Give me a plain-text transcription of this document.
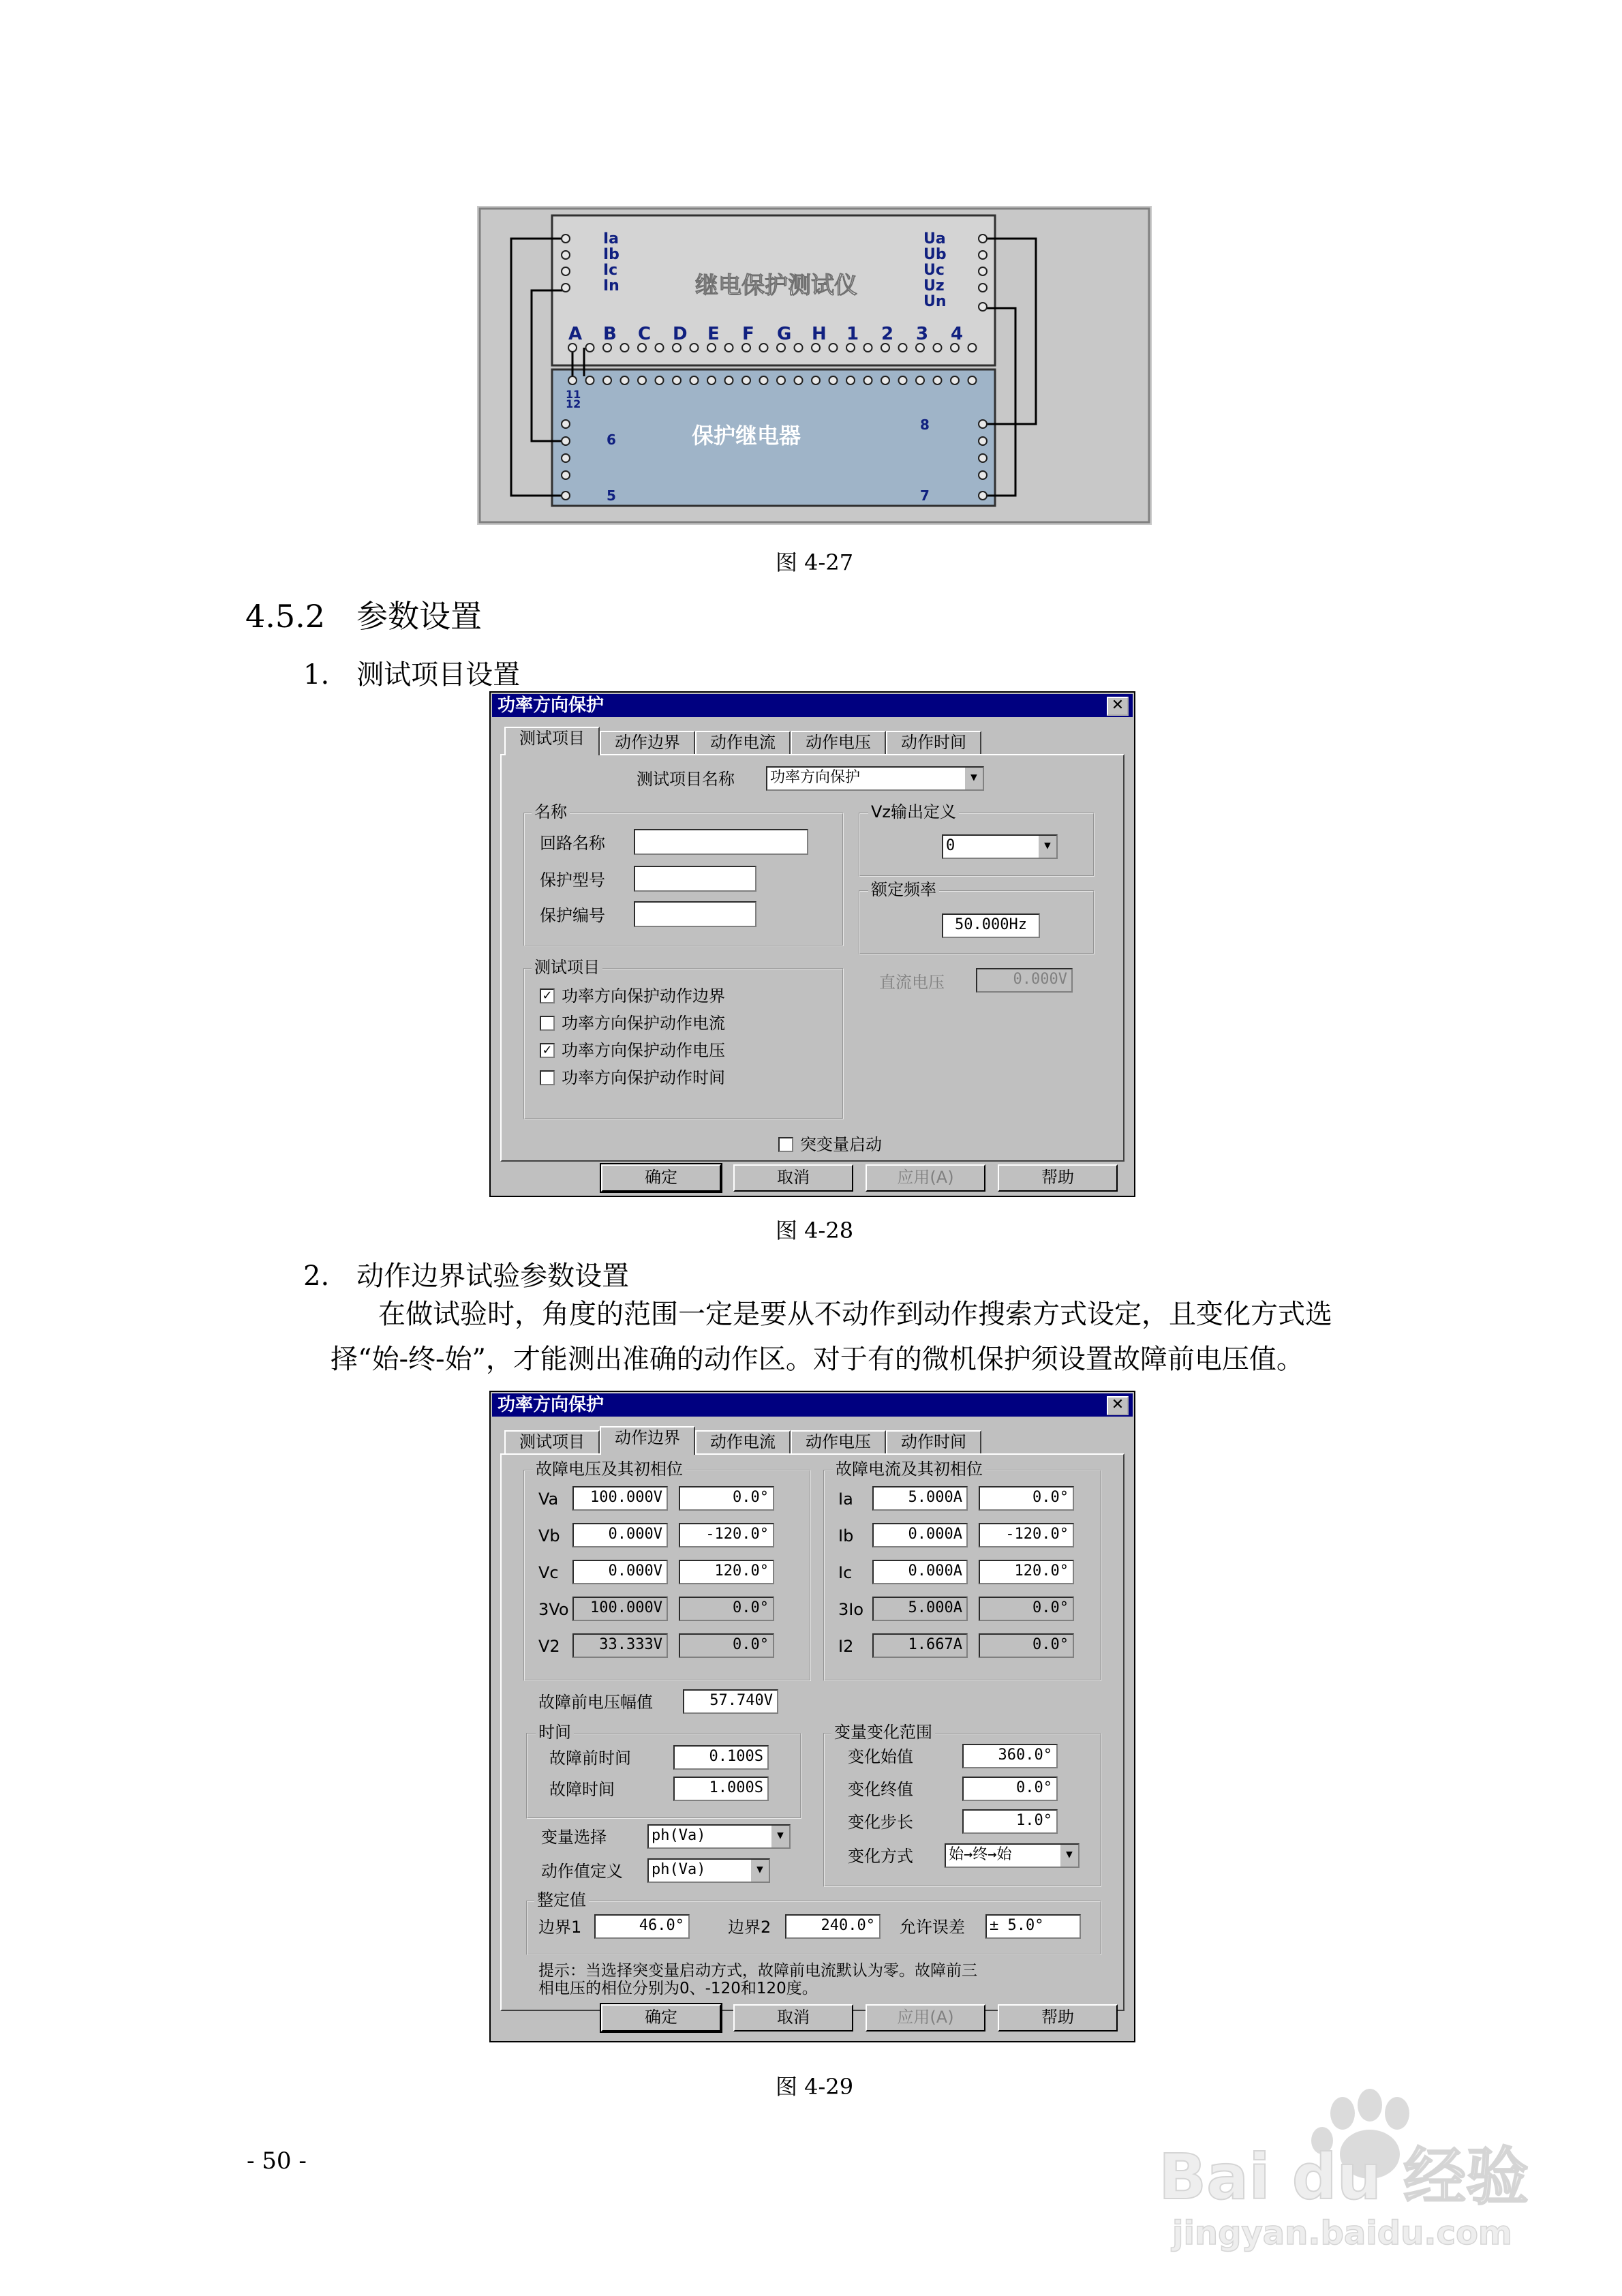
Ia
Ib
Ic
In
Ua
Ub
Uc
Uz
Un
继电保护测试仪
保护继电器
A B C D E F G H 1 2 3 4
11
12
6
5
8
7
图 4-27
4.5.2　参数设置
1.　测试项目设置
功率方向保护	✕
测试项目	动作边界	动作电流	动作电压	动作时间
测试项目名称 功率方向保护	▼
名称
回路名称
保护型号
保护编号
Vz输出定义
0	▼
额定频率
50.000Hz
直流电压	0.000V
测试项目
✓ 功率方向保护动作边界
功率方向保护动作电流
✓ 功率方向保护动作电压
功率方向保护动作时间
突变量启动
确定	取消	应用(A)	帮助
图 4-28
2.　动作边界试验参数设置
在做试验时，角度的范围一定是要从不动作到动作搜索方式设定，且变化方式选
择“始-终-始”，才能测出准确的动作区。对于有的微机保护须设置故障前电压值。
功率方向保护	✕
测试项目	动作边界	动作电流	动作电压	动作时间
故障电压及其初相位
Va	100.000V	0.0°
Vb	0.000V	-120.0°
Vc	0.000V	120.0°
3Vo	100.000V	0.0°
V2	33.333V	0.0°
故障电流及其初相位
Ia	5.000A	0.0°
Ib	0.000A	-120.0°
Ic	0.000A	120.0°
3Io	5.000A	0.0°
I2	1.667A	0.0°
故障前电压幅值	57.740V
时间
故障前时间	0.100S
故障时间	1.000S
变量变化范围
变化始值	360.0°
变化终值	0.0°
变化步长	1.0°
变化方式 始→终→始	▼
变量选择	ph(Va)	▼
动作值定义 ph(Va)	▼
整定值
边界1	46.0°	边界2	240.0°	允许误差 ± 5.0°
提示：当选择突变量启动方式，故障前电流默认为零。故障前三
相电压的相位分别为0、-120和120度。
确定	取消	应用(A)	帮助
图 4-29
- 50 -	Bai du 经验
jingyan.baidu.com
